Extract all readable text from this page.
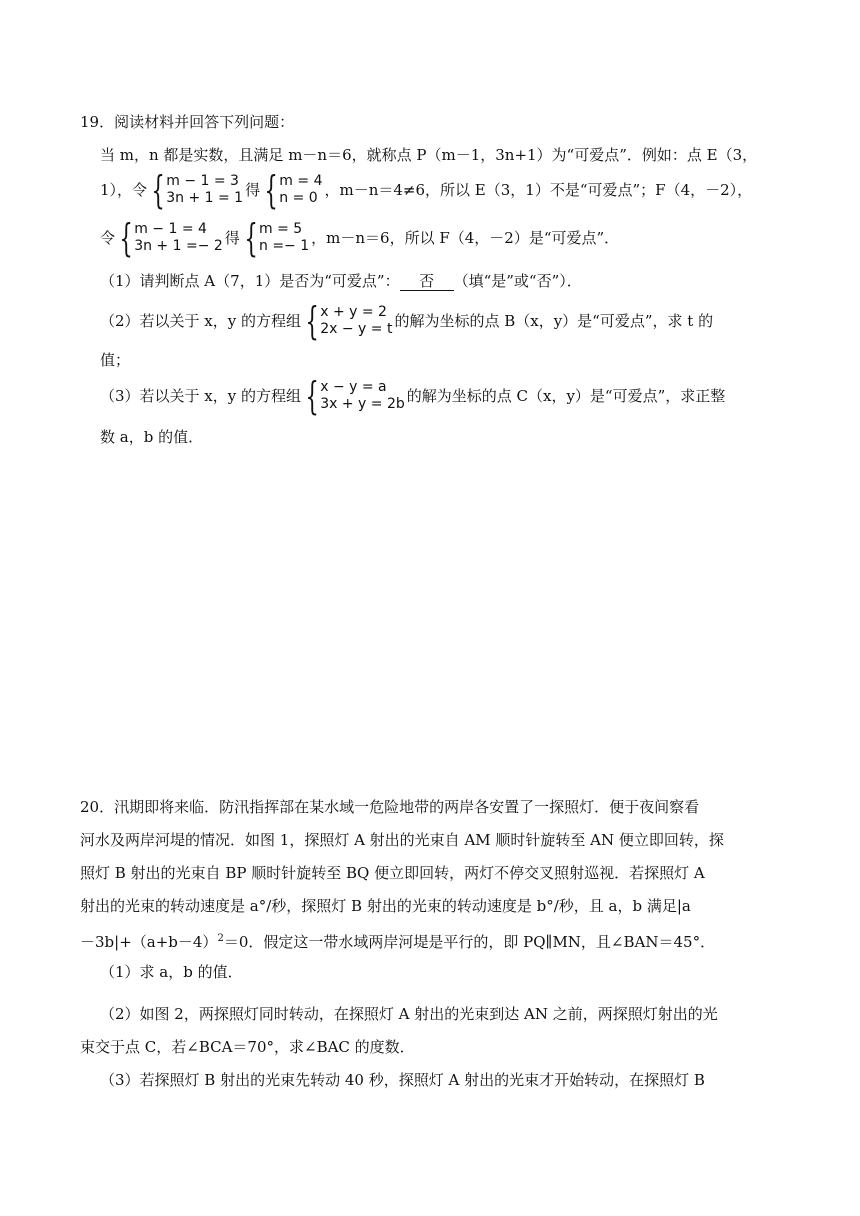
19．阅读材料并回答下列问题：
当 m，n 都是实数，且满足 m－n＝6，就称点 P（m－1，3n+1）为“可爱点”．例如：点 E（3，
1），令 { m − 1 = 3
3n + 1 = 1 得 { m = 4
n = 0 ，m－n＝4≠6，所以 E（3，1）不是“可爱点”；F（4，－2），
令 { m − 1 = 4
3n + 1 =− 2 得 { m = 5
n =− 1 ，m－n＝6，所以 F（4，－2）是“可爱点”．
（1）请判断点 A（7，1）是否为“可爱点”： 否 （填“是”或“否”）．
（2）若以关于 x，y 的方程组 { x + y = 2
2x − y = t 的解为坐标的点 B（x，y）是“可爱点”，求 t 的
值；
（3）若以关于 x，y 的方程组 { x − y = a
3x + y = 2b 的解为坐标的点 C（x，y）是“可爱点”，求正整
数 a，b 的值．
20．汛期即将来临．防汛指挥部在某水域一危险地带的两岸各安置了一探照灯．便于夜间察看
河水及两岸河堤的情况．如图 1，探照灯 A 射出的光束自 AM 顺时针旋转至 AN 便立即回转，探
照灯 B 射出的光束自 BP 顺时针旋转至 BQ 便立即回转，两灯不停交叉照射巡视．若探照灯 A
射出的光束的转动速度是 a°/秒，探照灯 B 射出的光束的转动速度是 b°/秒，且 a，b 满足|a
$-3b|+(a+b-4)^2=0$．假定这一带水域两岸河堤是平行的，即 PQ∥MN，且∠BAN＝45°．
（1）求 a，b 的值．
（2）如图 2，两探照灯同时转动，在探照灯 A 射出的光束到达 AN 之前，两探照灯射出的光
束交于点 C，若∠BCA＝70°，求∠BAC 的度数．
（3）若探照灯 B 射出的光束先转动 40 秒，探照灯 A 射出的光束才开始转动，在探照灯 B
